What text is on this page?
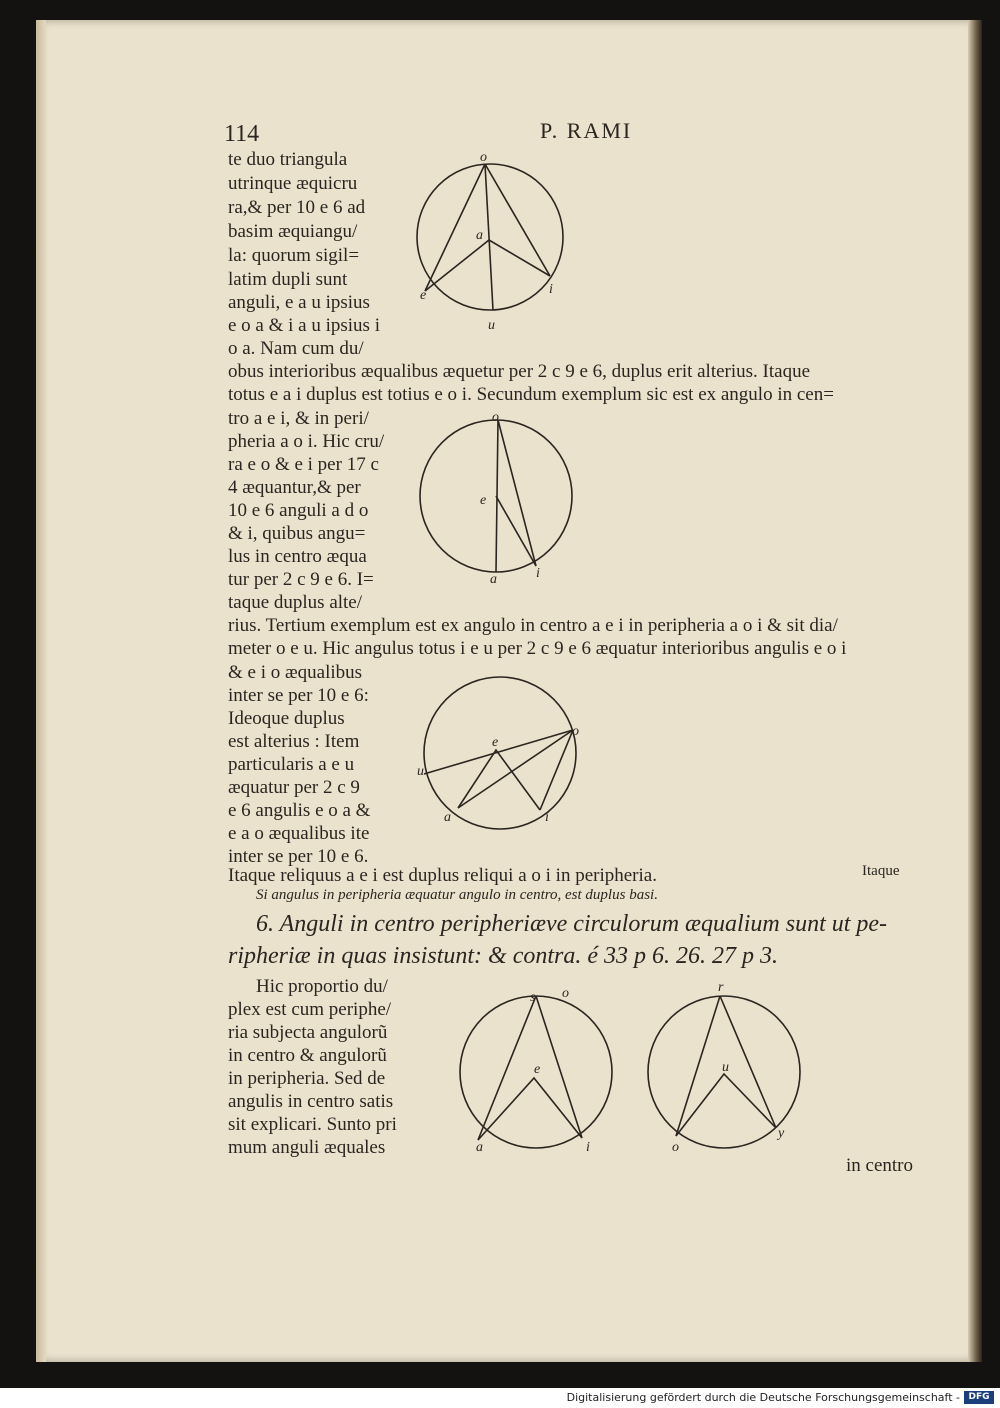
114	P. RAMI
te duo triangula
utrinque æquicru
ra,& per 10 e 6 ad
basim æquiangu/
la: quorum sigil=
latim dupli sunt
anguli, e a u ipsius
e o a & i a u ipsius i
o a. Nam cum du/
obus interioribus æqualibus æquetur per 2 c 9 e 6, duplus erit alterius. Itaque
totus e a i duplus est totius e o i. Secundum exemplum sic est ex angulo in cen=
o
a
e	i
u
tro a e i, & in peri/
pheria a o i. Hic cru/
ra e o & e i per 17 c
4 æquantur,& per
10 e 6 anguli a d o
& i, quibus angu=
lus in centro æqua
tur per 2 c 9 e 6. I=
taque duplus alte/
rius. Tertium exemplum est ex angulo in centro a e i in peripheria a o i & sit dia/
meter o e u. Hic angulus totus i e u per 2 c 9 e 6 æquatur interioribus angulis e o i
o
e
a	i
& e i o æqualibus
inter se per 10 e 6:
Ideoque duplus
est alterius : Item
particularis a e u
æquatur per 2 c 9
e 6 angulis e o a &
e a o æqualibus ite
inter se per 10 e 6.
Itaque reliquus a e i est duplus reliqui a o i in peripheria.	Itaque
Si angulus in peripheria æquatur angulo in centro, est duplus basi.
o
e
u
a	i
6. Anguli in centro peripheriæve circulorum æqualium sunt ut pe-
ripheriæ in quas insistunt: & contra. é 33 p 6. 26. 27 p 3.
Hic proportio du/
plex est cum periphe/
ria subjecta angulorũ
in centro & angulorũ
in peripheria. Sed de
angulis in centro satis
sit explicari. Sunto pri
mum anguli æquales
in centro
s o
e
a	i
r
u
o
y
Digitalisierung gefördert durch die Deutsche Forschungsgemeinschaft - DFG
